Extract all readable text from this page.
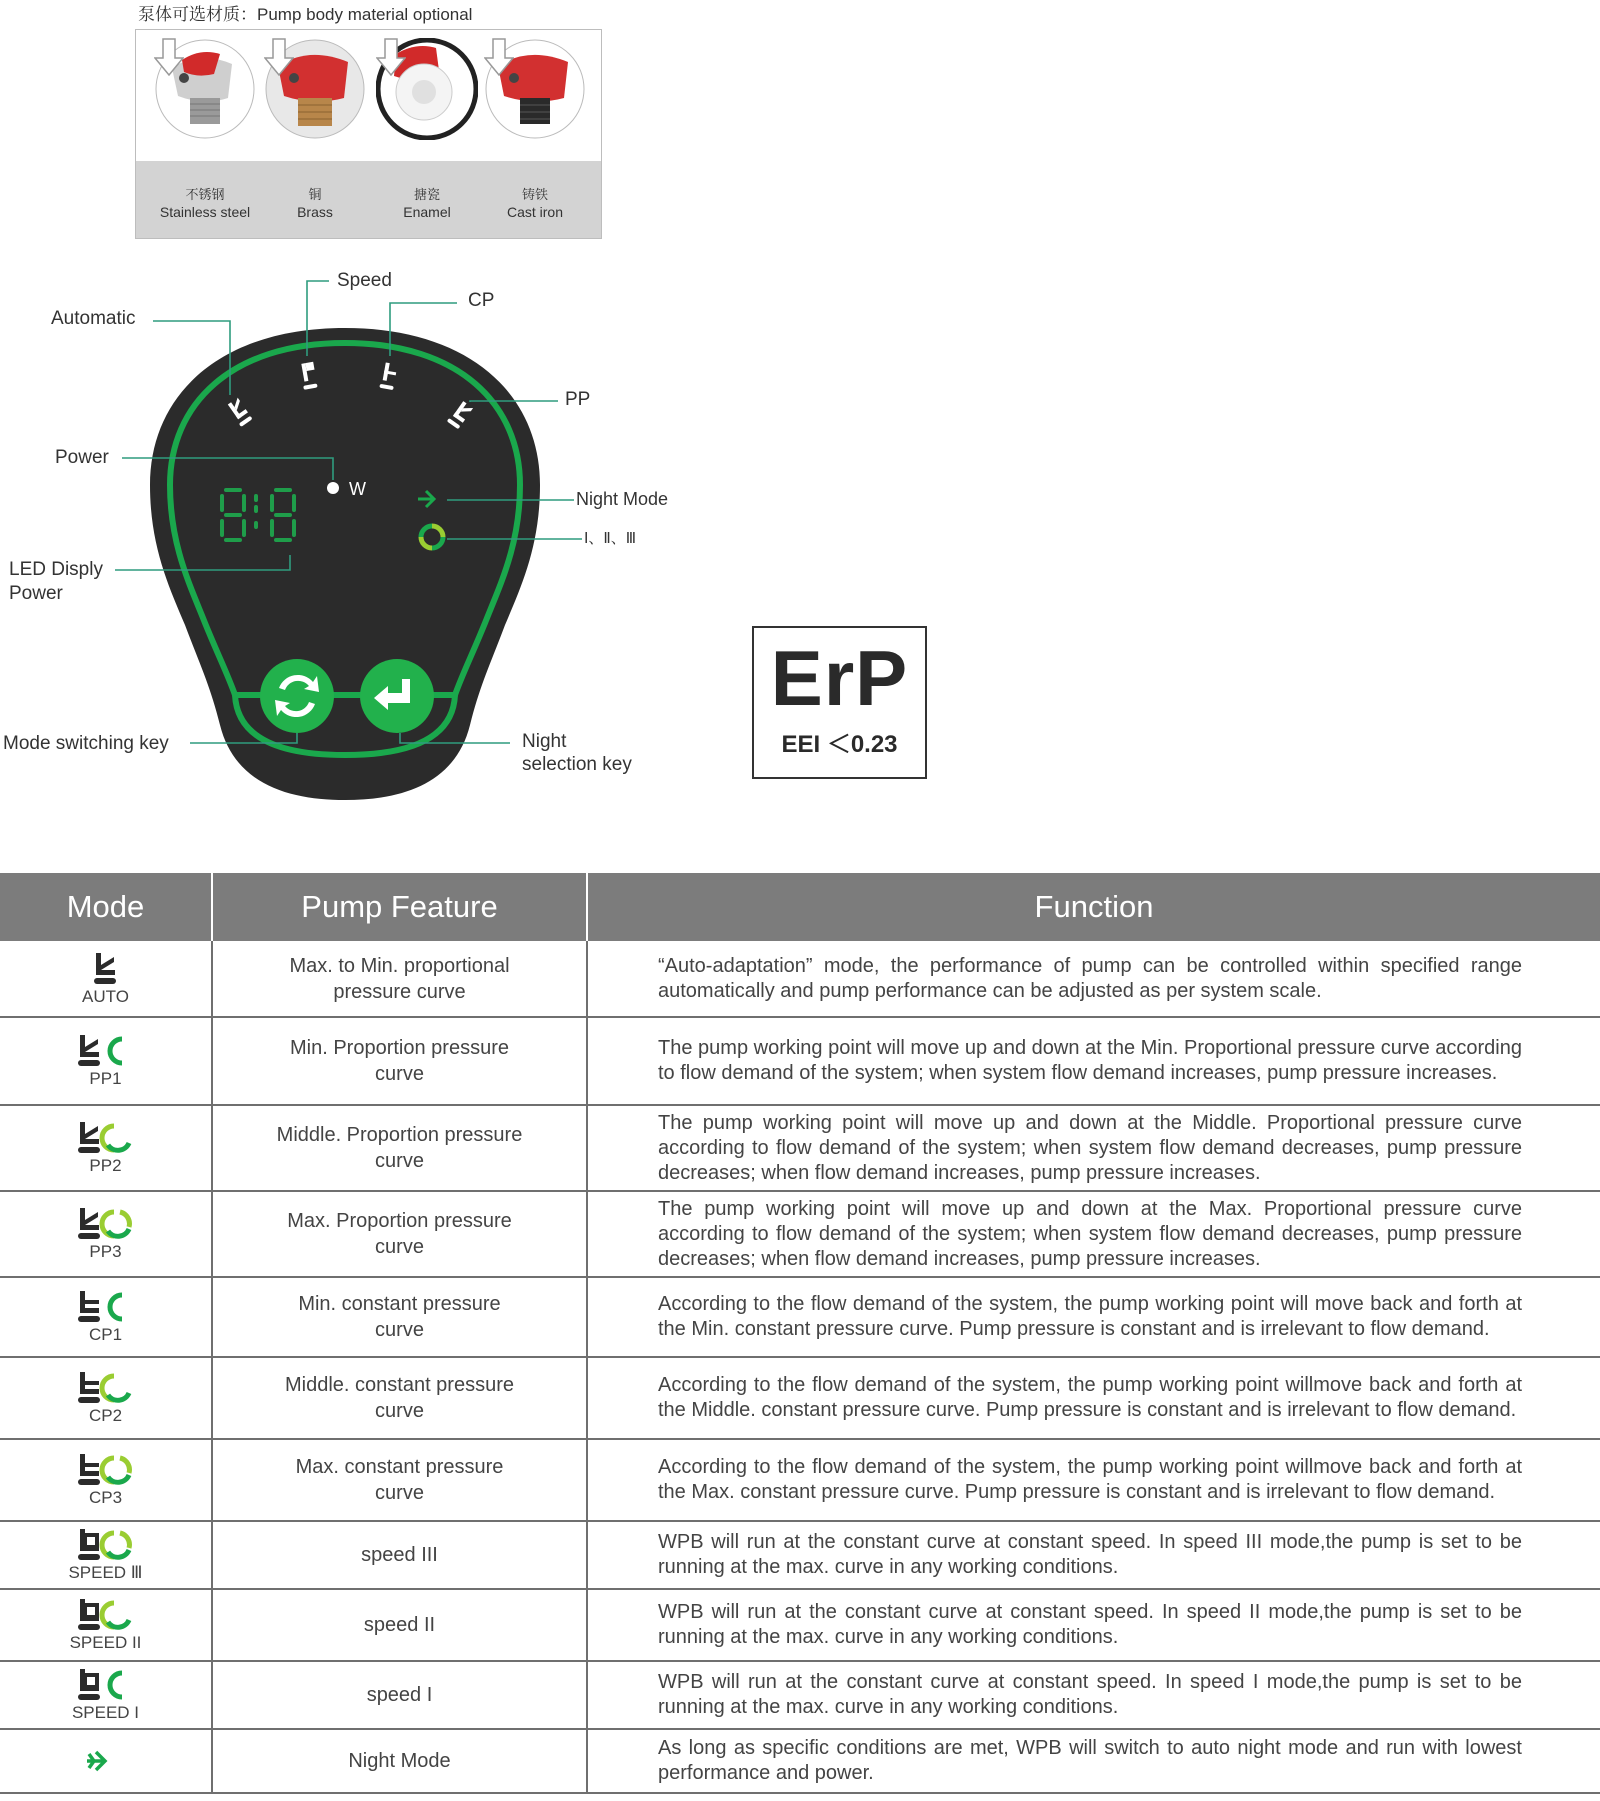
泵体可选材质：Pump body material optional
不锈钢
Stainless steel
铜
Brass
搪瓷
Enamel
铸铁
Cast iron
Speed
CP
Automatic
PP
Power
W	Night Mode
Ⅰ、Ⅱ、Ⅲ
LED Disply
Power
Mode switching key	Night
selection key
ErP
EEI ＜0.23
Mode	Pump Feature	Function

AUTO	Max. to Min. proportional pressure curve	“Auto-adaptation” mode, the performance of pump can be controlled within specified range automatically and pump performance can be adjusted as per system scale.

PP1	Min. Proportion pressure curve	The pump working point will move up and down at the Min. Proportional pressure curve according to flow demand of the system; when system flow demand increases, pump pressure increases.

PP2	Middle. Proportion pressure curve	The pump working point will move up and down at the Middle. Proportional pressure curve according to flow demand of the system; when system flow demand decreases, pump pressure decreases; when flow demand increases, pump pressure increases.

PP3	Max. Proportion pressure curve	The pump working point will move up and down at the Max. Proportional pressure curve according to flow demand of the system; when system flow demand decreases, pump pressure decreases; when flow demand increases, pump pressure increases.

CP1	Min. constant pressure curve	According to the flow demand of the system, the pump working point will move back and forth at the Min. constant pressure curve. Pump pressure is constant and is irrelevant to flow demand.

CP2	Middle. constant pressure curve	According to the flow demand of the system, the pump working point willmove back and forth at the Middle. constant pressure curve. Pump pressure is constant and is irrelevant to flow demand.

CP3	Max. constant pressure curve	According to the flow demand of the system, the pump working point willmove back and forth at the Max. constant pressure curve. Pump pressure is constant and is irrelevant to flow demand.

SPEED Ⅲ	speed III	WPB will run at the constant curve at constant speed. In speed III mode,the pump is set to be running at the max. curve in any working conditions.

SPEED II	speed II	WPB will run at the constant curve at constant speed. In speed II mode,the pump is set to be running at the max. curve in any working conditions.

SPEED I	speed I	WPB will run at the constant curve at constant speed. In speed I mode,the pump is set to be running at the max. curve in any working conditions.

	Night Mode	As long as specific conditions are met, WPB will switch to auto night mode and run with lowest performance and power.
